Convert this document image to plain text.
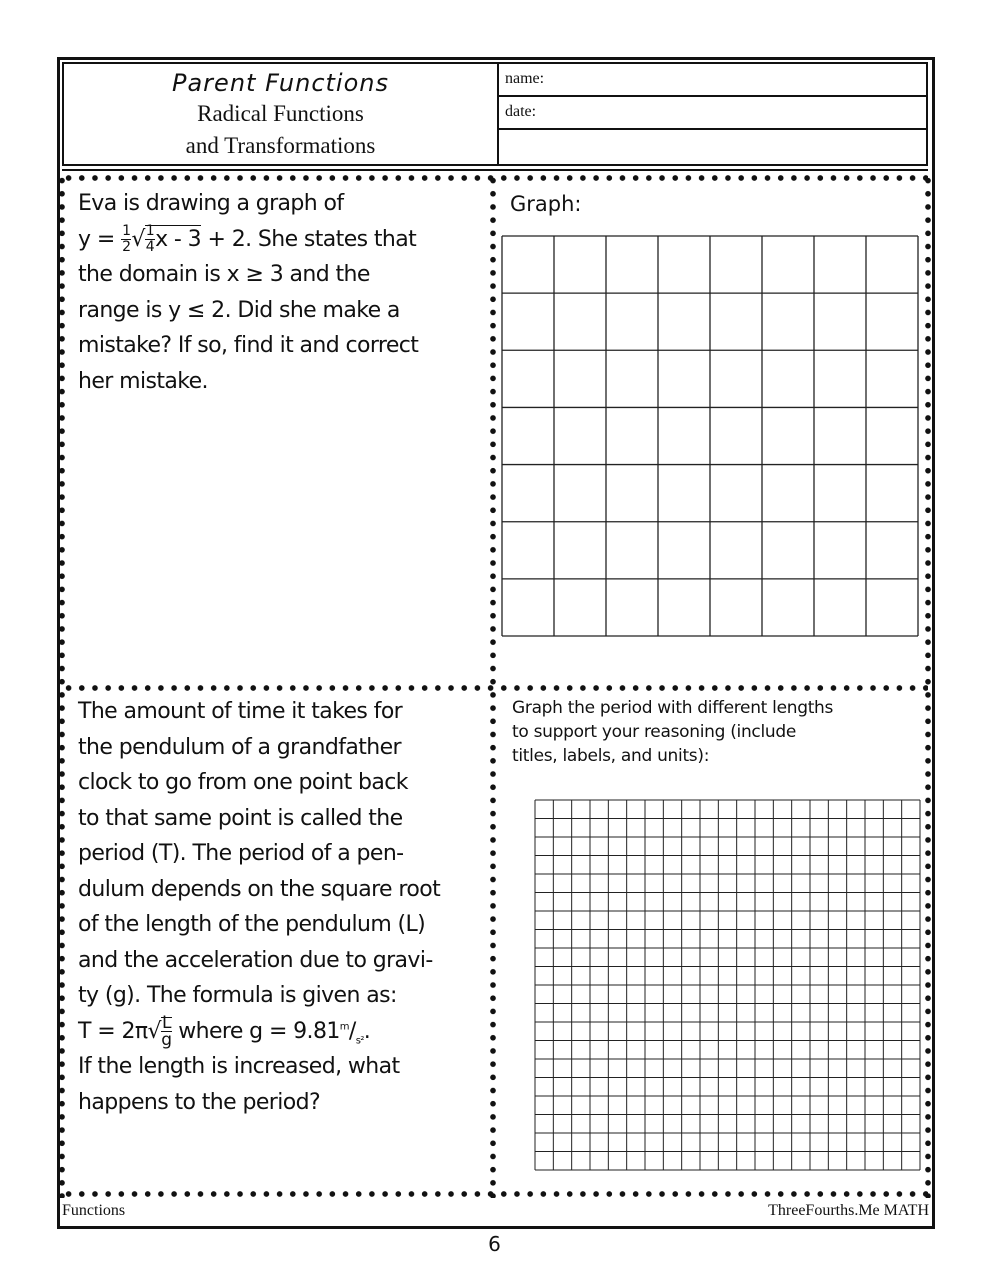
Parent Functions
Radical Functions
and Transformations
name:
date:
Eva is drawing a graph of
$y = \frac{1}{2}$ √ $\frac{1}{4}$ x - 3 + 2. She states that
the domain is x ≥ 3 and the
range is y ≤ 2. Did she make a
mistake? If so, find it and correct
her mistake.
Graph:
The amount of time it takes for
the pendulum of a grandfather
clock to go from one point back
to that same point is called the
period (T). The period of a pen-
dulum depends on the square root
of the length of the pendulum (L)
and the acceleration due to gravi-
ty (g). The formula is given as:
$T = 2\pi√ \frac{L}{g}$ where $g = 9.81^m/_{s^2}$.
If the length is increased, what
happens to the period?
Graph the period with different lengths
to support your reasoning (include
titles, labels, and units):
Functions	ThreeFourths.Me MATH
6
